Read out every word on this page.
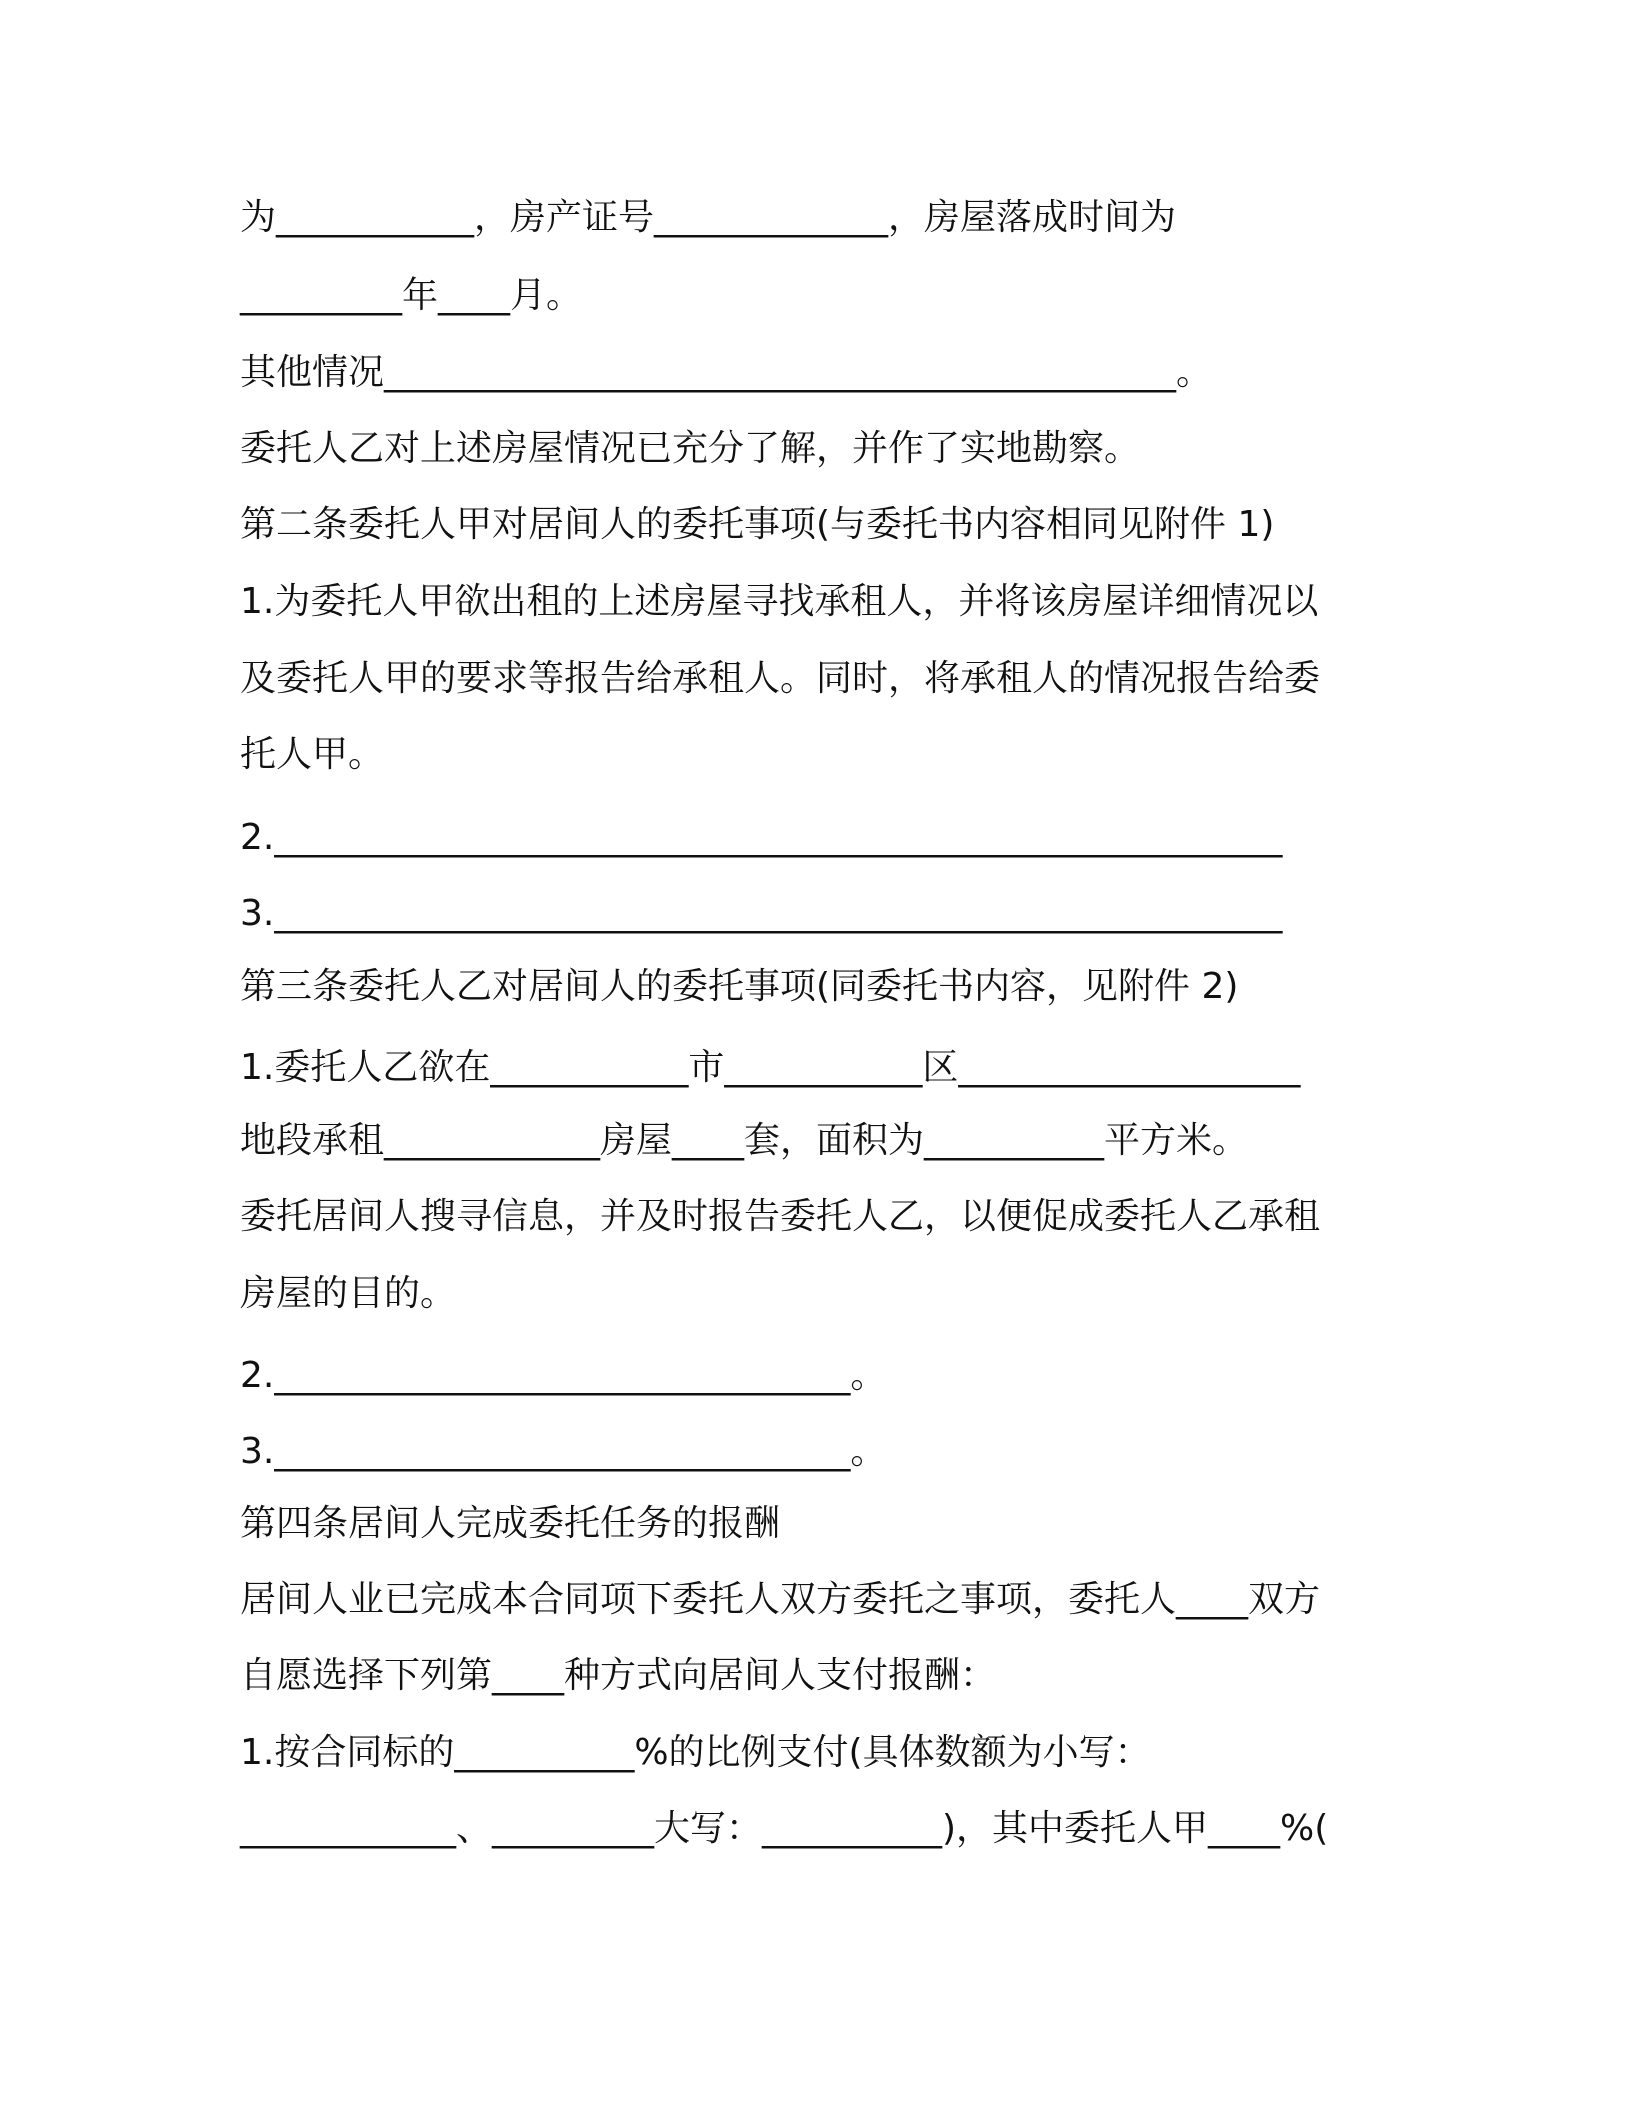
为___________，房产证号_____________，房屋落成时间为
_________年____月。
其他情况____________________________________________。
委托人乙对上述房屋情况已充分了解，并作了实地勘察。
第二条委托人甲对居间人的委托事项(与委托书内容相同见附件 1)
1.为委托人甲欲出租的上述房屋寻找承租人，并将该房屋详细情况以
及委托人甲的要求等报告给承租人。同时，将承租人的情况报告给委
托人甲。
2.________________________________________________________
3.________________________________________________________
第三条委托人乙对居间人的委托事项(同委托书内容，见附件 2)
1.委托人乙欲在___________市___________区___________________
地段承租____________房屋____套，面积为__________平方米。
委托居间人搜寻信息，并及时报告委托人乙，以便促成委托人乙承租
房屋的目的。
2.________________________________。
3.________________________________。
第四条居间人完成委托任务的报酬
居间人业已完成本合同项下委托人双方委托之事项，委托人____双方
自愿选择下列第____种方式向居间人支付报酬：
1.按合同标的__________%的比例支付(具体数额为小写：
____________、_________大写：__________)，其中委托人甲____%(
